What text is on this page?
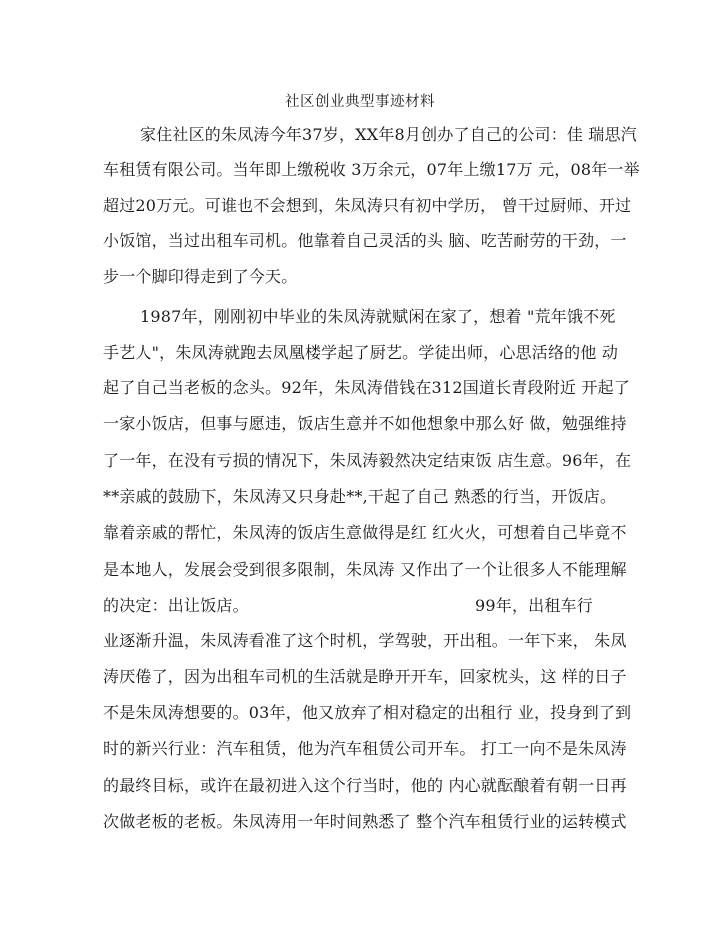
社区创业典型事迹材料
家住社区的朱凤涛今年37岁，XX年8月创办了自己的公司：佳 瑞思汽
车租赁有限公司。当年即上缴税收 3万余元，07年上缴17万 元，08年一举
超过20万元。可谁也不会想到，朱凤涛只有初中学历， 曾干过厨师、开过
小饭馆，当过出租车司机。他靠着自己灵活的头 脑、吃苦耐劳的干劲，一
步一个脚印得走到了今天。
1987年，刚刚初中毕业的朱凤涛就赋闲在家了，想着 "荒年饿不死
手艺人"，朱凤涛就跑去凤凰楼学起了厨艺。学徒出师，心思活络的他 动
起了自己当老板的念头。92年，朱凤涛借钱在312国道长青段附近 开起了
一家小饭店，但事与愿违，饭店生意并不如他想象中那么好 做，勉强维持
了一年，在没有亏损的情况下，朱凤涛毅然决定结束饭 店生意。96年，在
**亲戚的鼓励下，朱凤涛又只身赴**,干起了自己 熟悉的行当，开饭店。
靠着亲戚的帮忙，朱凤涛的饭店生意做得是红 红火火，可想着自己毕竟不
是本地人，发展会受到很多限制，朱凤涛 又作出了一个让很多人不能理解
的决定：出让饭店。	99年，出租车行
业逐渐升温，朱凤涛看准了这个时机，学驾驶，开出租。一年下来， 朱凤
涛厌倦了，因为出租车司机的生活就是睁开开车，回家枕头，这 样的日子
不是朱凤涛想要的。03年，他又放弃了相对稳定的出租行 业，投身到了到
时的新兴行业：汽车租赁，他为汽车租赁公司开车。 打工一向不是朱凤涛
的最终目标，或许在最初进入这个行当时，他的 内心就酝酿着有朝一日再
次做老板的老板。朱凤涛用一年时间熟悉了 整个汽车租赁行业的运转模式
